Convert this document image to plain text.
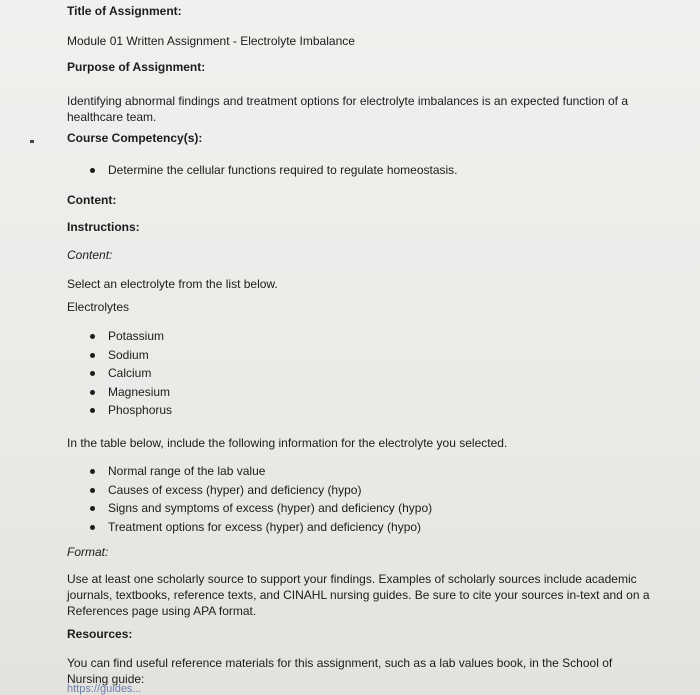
Title of Assignment:
Module 01 Written Assignment - Electrolyte Imbalance
Purpose of Assignment:
Identifying abnormal findings and treatment options for electrolyte imbalances is an expected function of a healthcare team.
Course Competency(s):
Determine the cellular functions required to regulate homeostasis.
Content:
Instructions:
Content:
Select an electrolyte from the list below.
Electrolytes
Potassium
Sodium
Calcium
Magnesium
Phosphorus
In the table below, include the following information for the electrolyte you selected.
Normal range of the lab value
Causes of excess (hyper) and deficiency (hypo)
Signs and symptoms of excess (hyper) and deficiency (hypo)
Treatment options for excess (hyper) and deficiency (hypo)
Format:
Use at least one scholarly source to support your findings. Examples of scholarly sources include academic journals, textbooks, reference texts, and CINAHL nursing guides. Be sure to cite your sources in-text and on a References page using APA format.
Resources:
You can find useful reference materials for this assignment, such as a lab values book, in the School of Nursing guide:
https://guides...
